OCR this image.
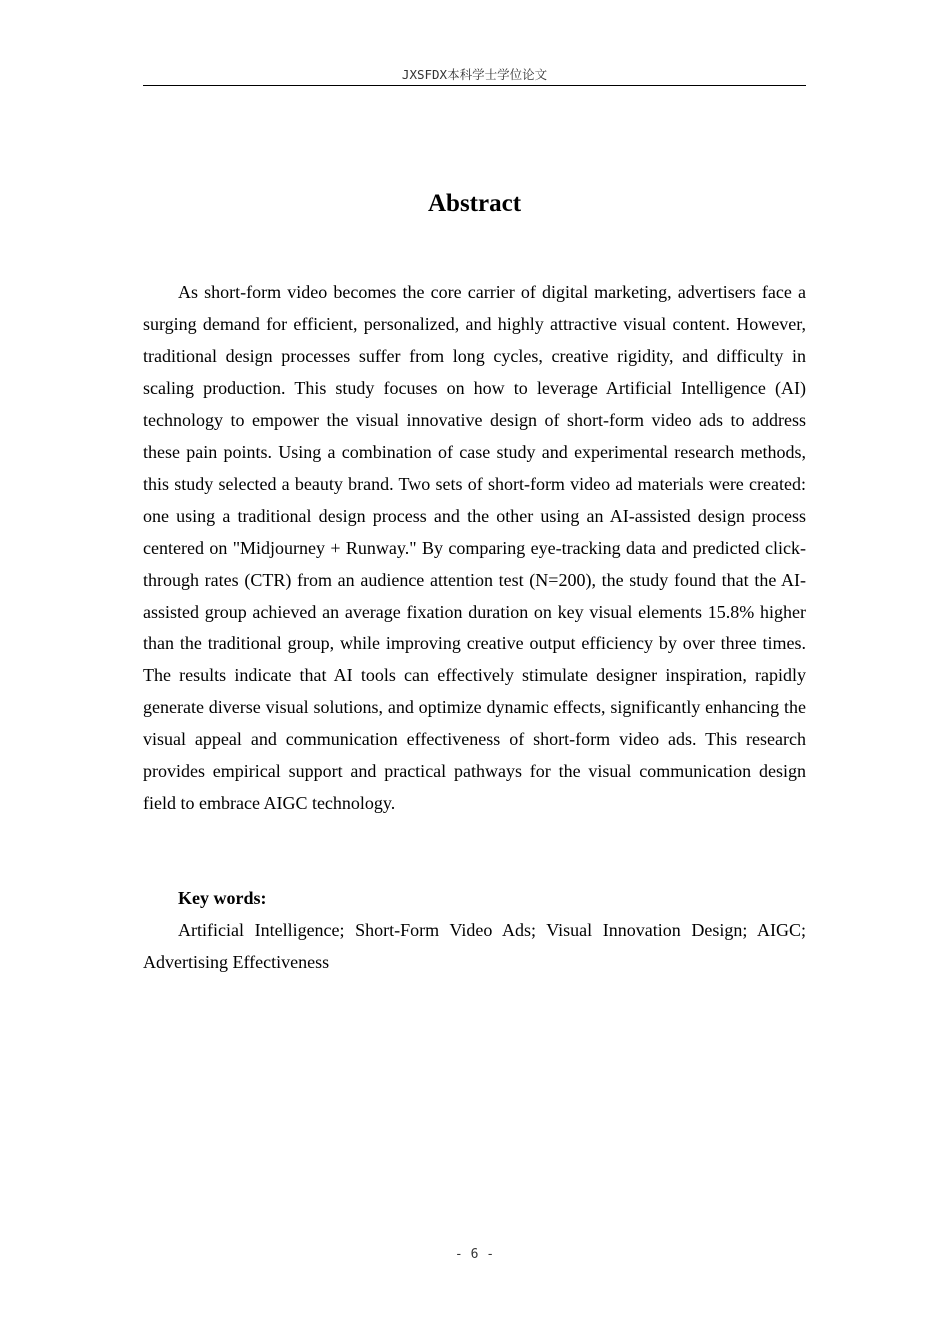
JXSFDX本科学士学位论文
Abstract

As short-form video becomes the core carrier of digital marketing, advertisers face a surging demand for efficient, personalized, and highly attractive visual content. However, traditional design processes suffer from long cycles, creative rigidity, and difficulty in scaling production. This study focuses on how to leverage Artificial Intelligence (AI) technology to empower the visual innovative design of short-form video ads to address these pain points. Using a combination of case study and experimental research methods, this study selected a beauty brand. Two sets of short-form video ad materials were created: one using a traditional design process and the other using an AI-assisted design process centered on "Midjourney + Runway." By comparing eye-tracking data and predicted click-through rates (CTR) from an audience attention test (N=200), the study found that the AI-assisted group achieved an average fixation duration on key visual elements 15.8% higher than the traditional group, while improving creative output efficiency by over three times. The results indicate that AI tools can effectively stimulate designer inspiration, rapidly generate diverse visual solutions, and optimize dynamic effects, significantly enhancing the visual appeal and communication effectiveness of short-form video ads. This research provides empirical support and practical pathways for the visual communication design field to embrace AIGC technology.

Key words:

Artificial Intelligence; Short-Form Video Ads; Visual Innovation Design; AIGC; Advertising Effectiveness

- 6 -
